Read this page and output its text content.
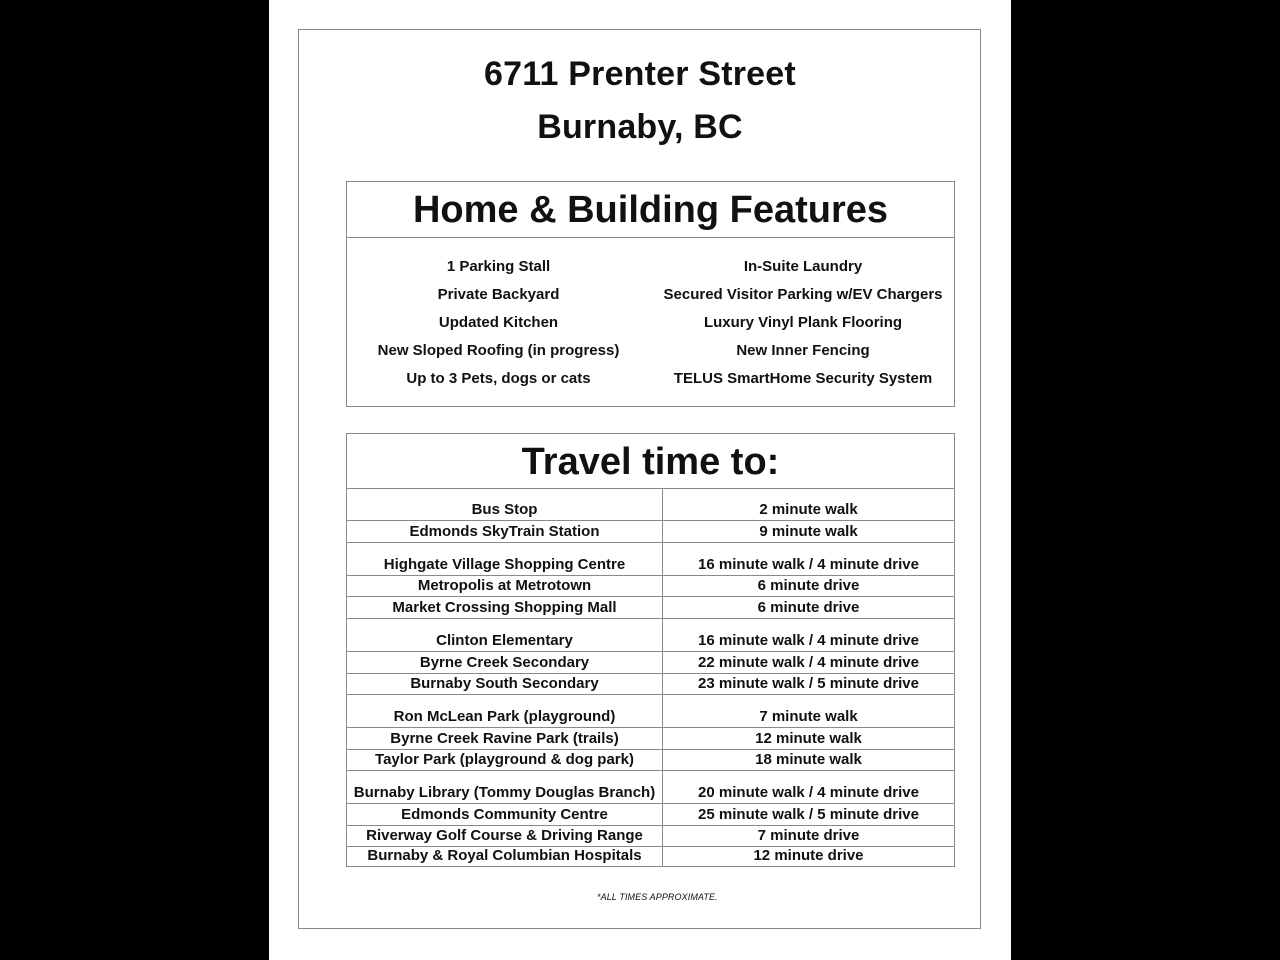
6711 Prenter Street
Burnaby, BC
Home & Building Features
1 Parking Stall
Private Backyard
Updated Kitchen
New Sloped Roofing (in progress)
Up to 3 Pets, dogs or cats
In-Suite Laundry
Secured Visitor Parking w/EV Chargers
Luxury Vinyl Plank Flooring
New Inner Fencing
TELUS SmartHome Security System
Travel time to:
Bus Stop	2 minute walk
Edmonds SkyTrain Station	9 minute walk
Highgate Village Shopping Centre	16 minute walk / 4 minute drive
Metropolis at Metrotown	6 minute drive
Market Crossing Shopping Mall	6 minute drive
Clinton Elementary	16 minute walk / 4 minute drive
Byrne Creek Secondary	22 minute walk / 4 minute drive
Burnaby South Secondary	23 minute walk / 5 minute drive
Ron McLean Park (playground)	7 minute walk
Byrne Creek Ravine Park (trails)	12 minute walk
Taylor Park (playground & dog park)	18 minute walk
Burnaby Library (Tommy Douglas Branch)	20 minute walk / 4 minute drive
Edmonds Community Centre	25 minute walk / 5 minute drive
Riverway Golf Course & Driving Range	7 minute drive
Burnaby & Royal Columbian Hospitals	12 minute drive
*ALL TIMES APPROXIMATE.
